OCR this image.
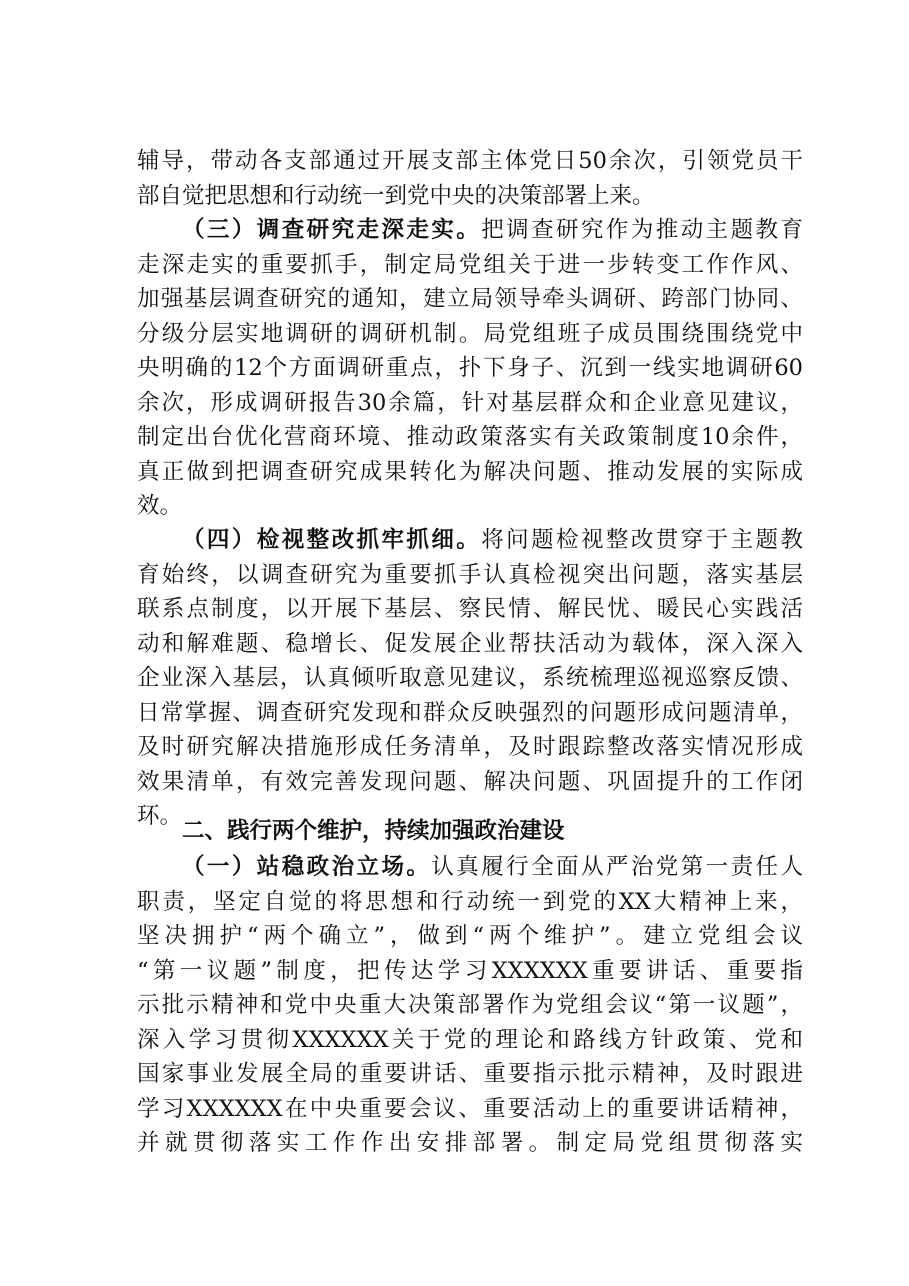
辅导，带动各支部通过开展支部主体党日50余次，引领党员干
部自觉把思想和行动统一到党中央的决策部署上来。
（三）调查研究走深走实。把调查研究作为推动主题教育
走深走实的重要抓手，制定局党组关于进一步转变工作作风、
加强基层调查研究的通知，建立局领导牵头调研、跨部门协同、
分级分层实地调研的调研机制。局党组班子成员围绕围绕党中
央明确的12个方面调研重点，扑下身子、沉到一线实地调研60
余次，形成调研报告30余篇，针对基层群众和企业意见建议，
制定出台优化营商环境、推动政策落实有关政策制度10余件，
真正做到把调查研究成果转化为解决问题、推动发展的实际成
效。
（四）检视整改抓牢抓细。将问题检视整改贯穿于主题教
育始终，以调查研究为重要抓手认真检视突出问题，落实基层
联系点制度，以开展下基层、察民情、解民忧、暖民心实践活
动和解难题、稳增长、促发展企业帮扶活动为载体，深入深入
企业深入基层，认真倾听取意见建议，系统梳理巡视巡察反馈、
日常掌握、调查研究发现和群众反映强烈的问题形成问题清单，
及时研究解决措施形成任务清单，及时跟踪整改落实情况形成
效果清单，有效完善发现问题、解决问题、巩固提升的工作闭
环。
二、践行两个维护，持续加强政治建设
（一）站稳政治立场。认真履行全面从严治党第一责任人
职责，坚定自觉的将思想和行动统一到党的XX大精神上来，
坚决拥护“两个确立”，做到“两个维护”。建立党组会议
“第一议题”制度，把传达学习XXXXXX重要讲话、重要指
示批示精神和党中央重大决策部署作为党组会议“第一议题”，
深入学习贯彻XXXXXX关于党的理论和路线方针政策、党和
国家事业发展全局的重要讲话、重要指示批示精神，及时跟进
学习XXXXXX在中央重要会议、重要活动上的重要讲话精神，
并就贯彻落实工作作出安排部署。制定局党组贯彻落实
